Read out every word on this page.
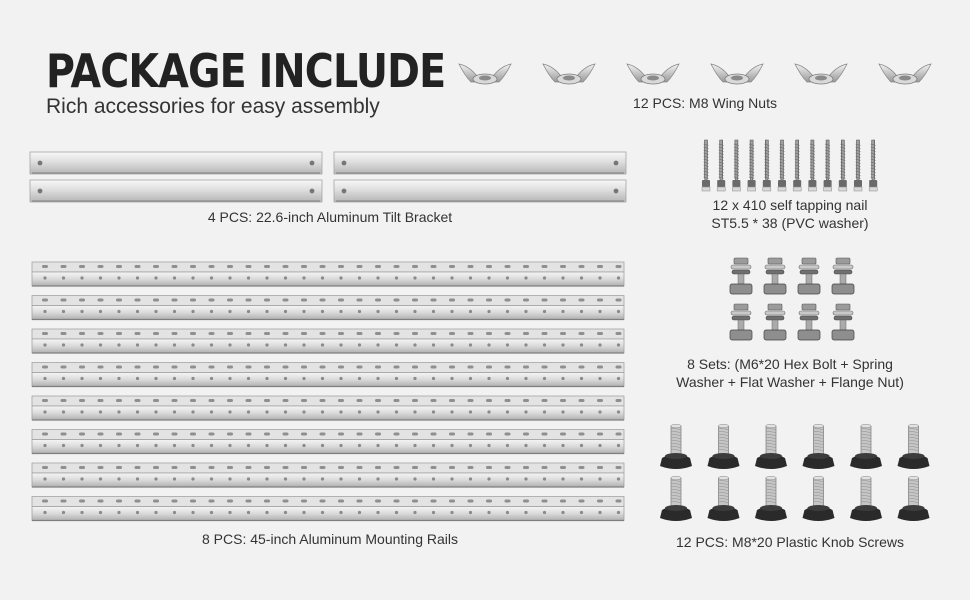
PACKAGE INCLUDE
Rich accessories for easy assembly	12 PCS: M8 Wing Nuts
4 PCS: 22.6-inch Aluminum Tilt Bracket
12 x 410 self tapping nail
ST5.5 * 38 (PVC washer)
8 PCS: 45-inch Aluminum Mounting Rails
8 Sets: (M6*20 Hex Bolt + Spring
Washer + Flat Washer + Flange Nut)
12 PCS: M8*20 Plastic Knob Screws
